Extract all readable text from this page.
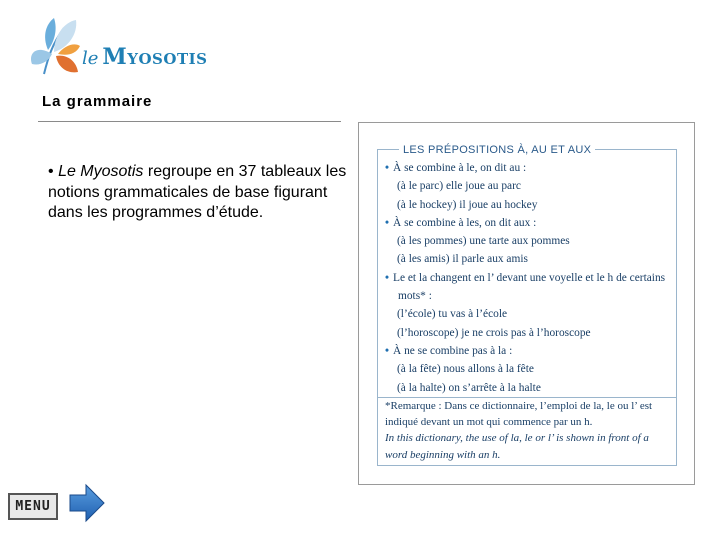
le Myosotis
La grammaire
• Le Myosotis regroupe en 37 tableaux les notions grammaticales de base figurant dans les programmes d’étude.
LES PRÉPOSITIONS À, AU ET AUX
• À se combine à le, on dit au :
(à le parc) elle joue au parc
(à le hockey) il joue au hockey
• À se combine à les, on dit aux :
(à les pommes) une tarte aux pommes
(à les amis) il parle aux amis
• Le et la changent en l’ devant une voyelle et le h de certains
mots* :
(l’école) tu vas à l’école
(l’horoscope) je ne crois pas à l’horoscope
• À ne se combine pas à la :
(à la fête) nous allons à la fête
(à la halte) on s’arrête à la halte
*Remarque : Dans ce dictionnaire, l’emploi de la, le ou l’ est
indiqué devant un mot qui commence par un h.
In this dictionary, the use of la, le or l’ is shown in front of a
word beginning with an h.
MENU
